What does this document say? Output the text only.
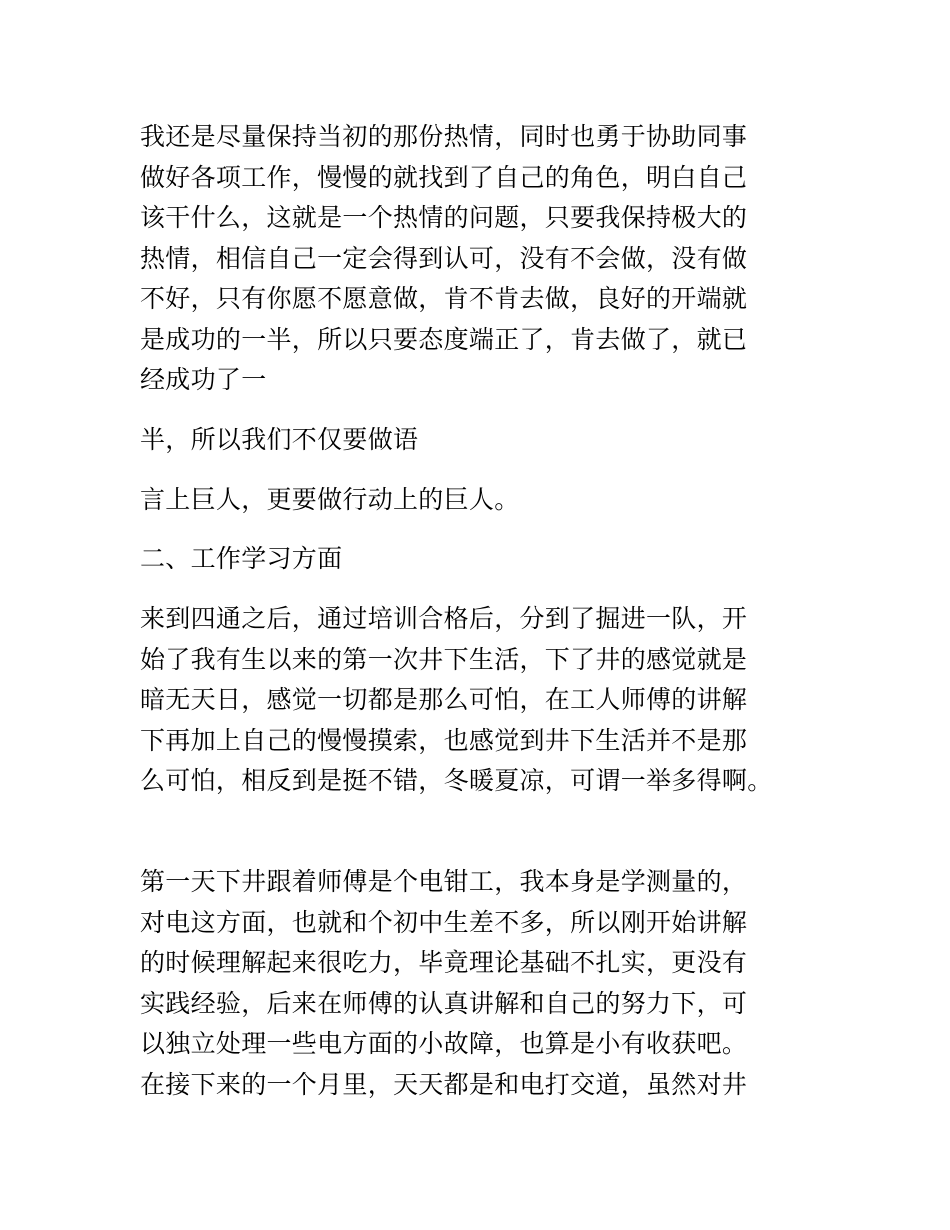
我还是尽量保持当初的那份热情，同时也勇于协助同事
做好各项工作，慢慢的就找到了自己的角色，明白自己
该干什么，这就是一个热情的问题，只要我保持极大的
热情，相信自己一定会得到认可，没有不会做，没有做
不好，只有你愿不愿意做，肯不肯去做，良好的开端就
是成功的一半，所以只要态度端正了，肯去做了，就已
经成功了一
半，所以我们不仅要做语
言上巨人，更要做行动上的巨人。
二、工作学习方面
来到四通之后，通过培训合格后，分到了掘进一队，开
始了我有生以来的第一次井下生活，下了井的感觉就是
暗无天日，感觉一切都是那么可怕，在工人师傅的讲解
下再加上自己的慢慢摸索，也感觉到井下生活并不是那
么可怕，相反到是挺不错，冬暖夏凉，可谓一举多得啊。
第一天下井跟着师傅是个电钳工，我本身是学测量的，
对电这方面，也就和个初中生差不多，所以刚开始讲解
的时候理解起来很吃力，毕竟理论基础不扎实，更没有
实践经验，后来在师傅的认真讲解和自己的努力下，可
以独立处理一些电方面的小故障，也算是小有收获吧。
在接下来的一个月里，天天都是和电打交道，虽然对井
